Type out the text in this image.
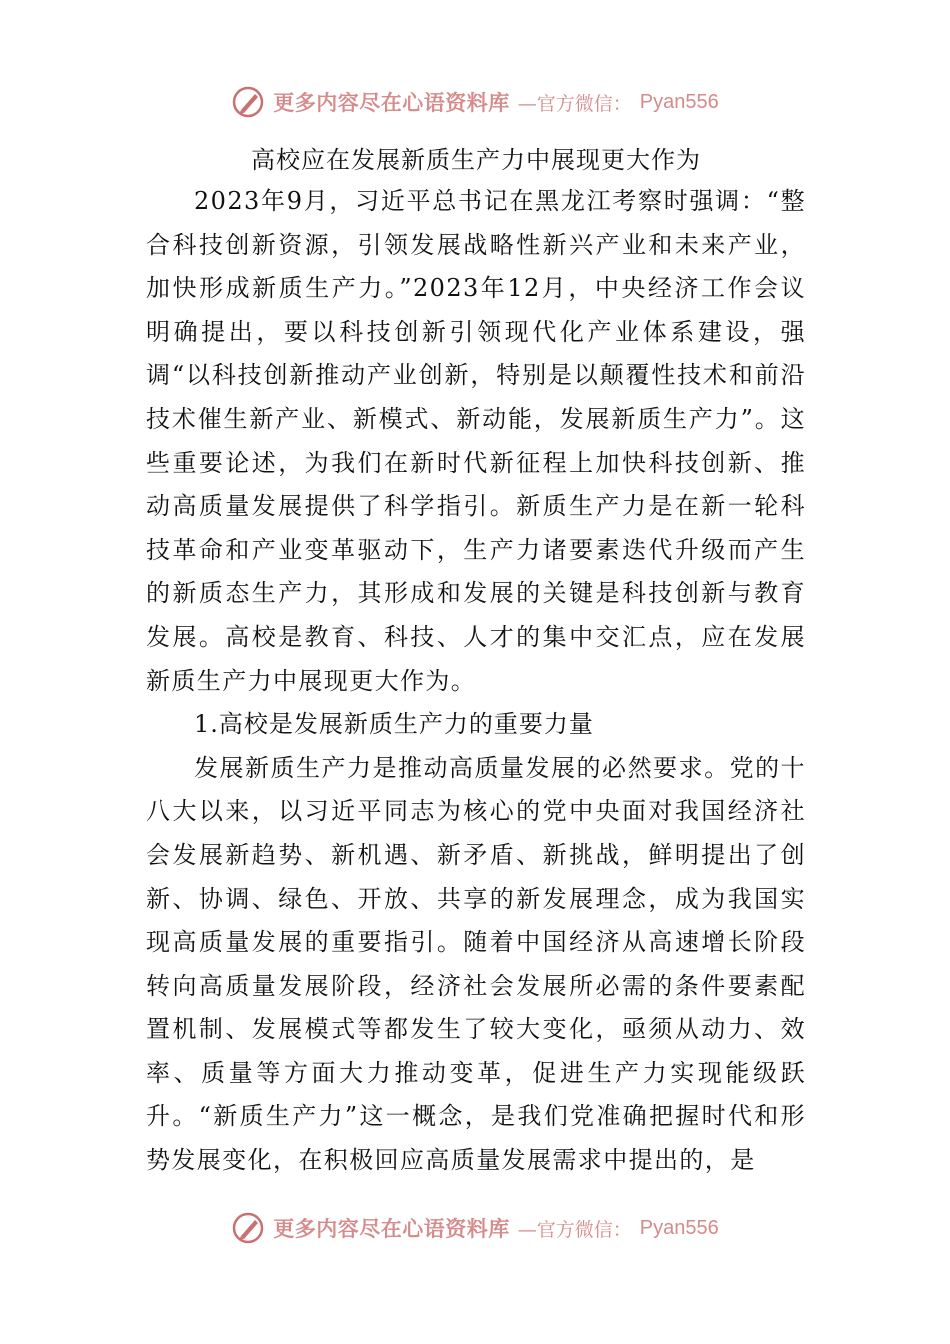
更多内容尽在心语资料库 —官方微信： Pyan556
高校应在发展新质生产力中展现更大作为

2023年9月，习近平总书记在黑龙江考察时强调：“整合科技创新资源，引领发展战略性新兴产业和未来产业，加快形成新质生产力。”2023年12月，中央经济工作会议明确提出，要以科技创新引领现代化产业体系建设，强调“以科技创新推动产业创新，特别是以颠覆性技术和前沿技术催生新产业、新模式、新动能，发展新质生产力”。这些重要论述，为我们在新时代新征程上加快科技创新、推动高质量发展提供了科学指引。新质生产力是在新一轮科技革命和产业变革驱动下，生产力诸要素迭代升级而产生的新质态生产力，其形成和发展的关键是科技创新与教育发展。高校是教育、科技、人才的集中交汇点，应在发展新质生产力中展现更大作为。

1.高校是发展新质生产力的重要力量

发展新质生产力是推动高质量发展的必然要求。党的十八大以来，以习近平同志为核心的党中央面对我国经济社会发展新趋势、新机遇、新矛盾、新挑战，鲜明提出了创新、协调、绿色、开放、共享的新发展理念，成为我国实现高质量发展的重要指引。随着中国经济从高速增长阶段转向高质量发展阶段，经济社会发展所必需的条件要素配置机制、发展模式等都发生了较大变化，亟须从动力、效率、质量等方面大力推动变革，促进生产力实现能级跃升。“新质生产力”这一概念，是我们党准确把握时代和形势发展变化，在积极回应高质量发展需求中提出的，是

更多内容尽在心语资料库 —官方微信： Pyan556
